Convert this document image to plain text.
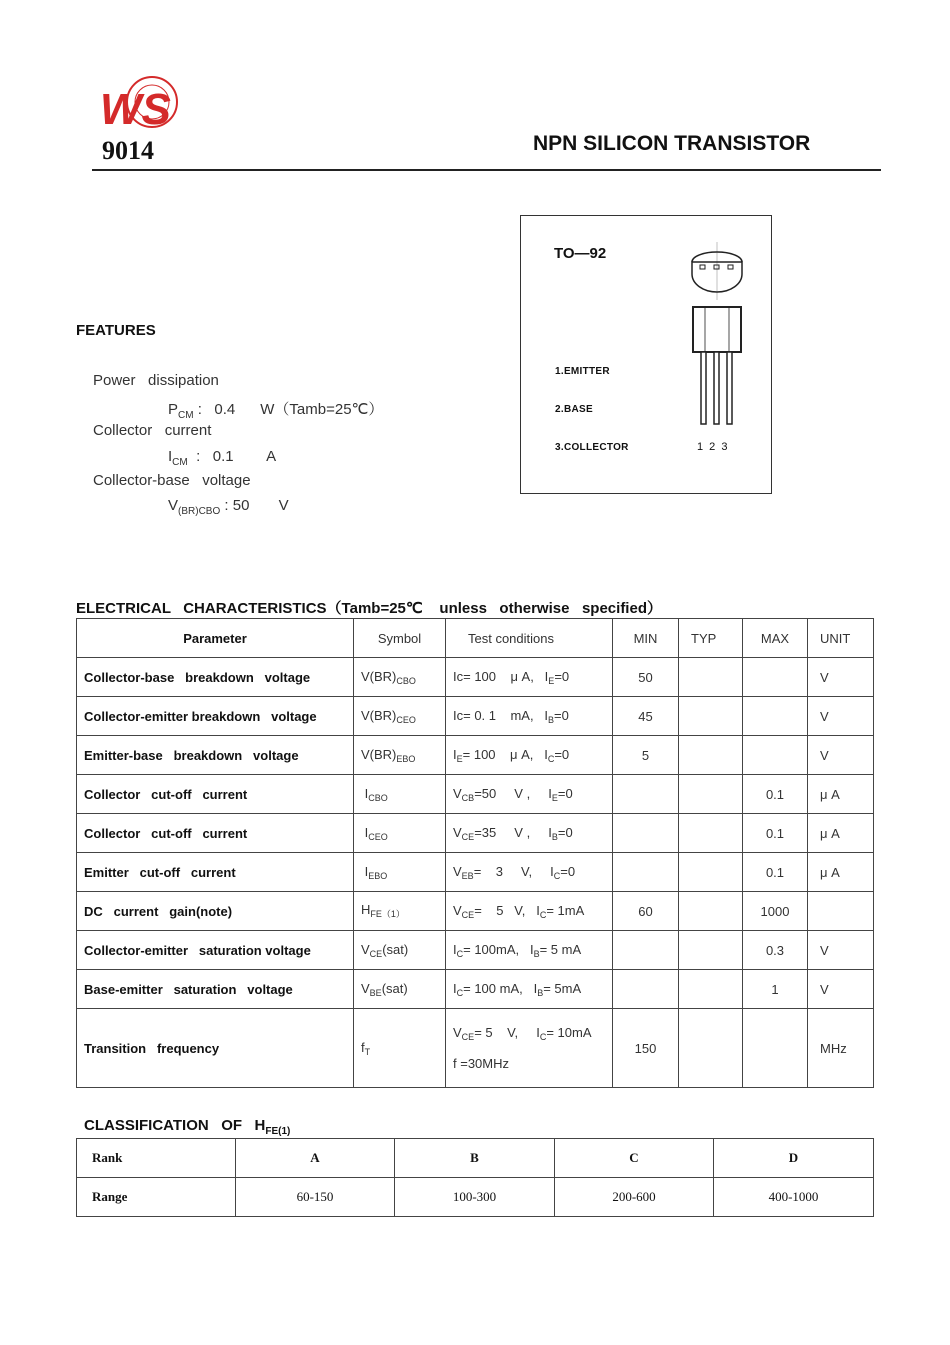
WS
9014	NPN SILICON TRANSISTOR
TO—92
1.EMITTER
2.BASE
3.COLLECTOR	1 2 3
FEATURES
Power   dissipation
$P_{CM}$ :   0.4      W（Tamb=25℃）
Collector   current
$I_{CM}$  :   0.1        A
Collector-base   voltage
$V_{(BR)CBO}$ : 50       V
ELECTRICAL   CHARACTERISTICS（Tamb=25℃    unless   otherwise   specified）
Parameter	Symbol	Test conditions	MIN	TYP	MAX	UNIT
Collector-base   breakdown   voltage	$V(BR)_{CBO}$	Ic= 100    μ A,   $I_E=0$	50			V
Collector-emitter breakdown   voltage	$V(BR)_{CEO}$	Ic= 0. 1    mA,   $I_B=0$	45			V
Emitter-base   breakdown   voltage	$V(BR)_{EBO}$	$I_E= 100$    μ A,   $I_C=0$	5			V
Collector   cut-off   current	$I_{CBO}$	$V_{CB}=50$     V ,     $I_E=0$			0.1	μ A
Collector   cut-off   current	$I_{CEO}$	$V_{CE}=35$     V ,     $I_B=0$			0.1	μ A
Emitter   cut-off   current	$I_{EBO}$	$V_{EB}=$    3     V,     $I_C=0$			0.1	μ A
DC   current   gain(note)	$H_{FE(1)}$	$V_{CE}=$    5   V,   $I_C= 1mA$	60		1000	
Collector-emitter   saturation voltage	$V_{CE}(sat)$	$I_C= 100mA$,   $I_B= 5$ mA			0.3	V
Base-emitter   saturation   voltage	$V_{BE}(sat)$	$I_C= 100$ mA,   $I_B= 5mA$			1	V
Transition   frequency	$f_T$	$V_{CE}= 5$    V,     $I_C= 10mA$
f =30MHz	150			MHz
CLASSIFICATION   OF   $H_{FE(1)}$
Rank	A	B	C	D
Range	60-150	100-300	200-600	400-1000
